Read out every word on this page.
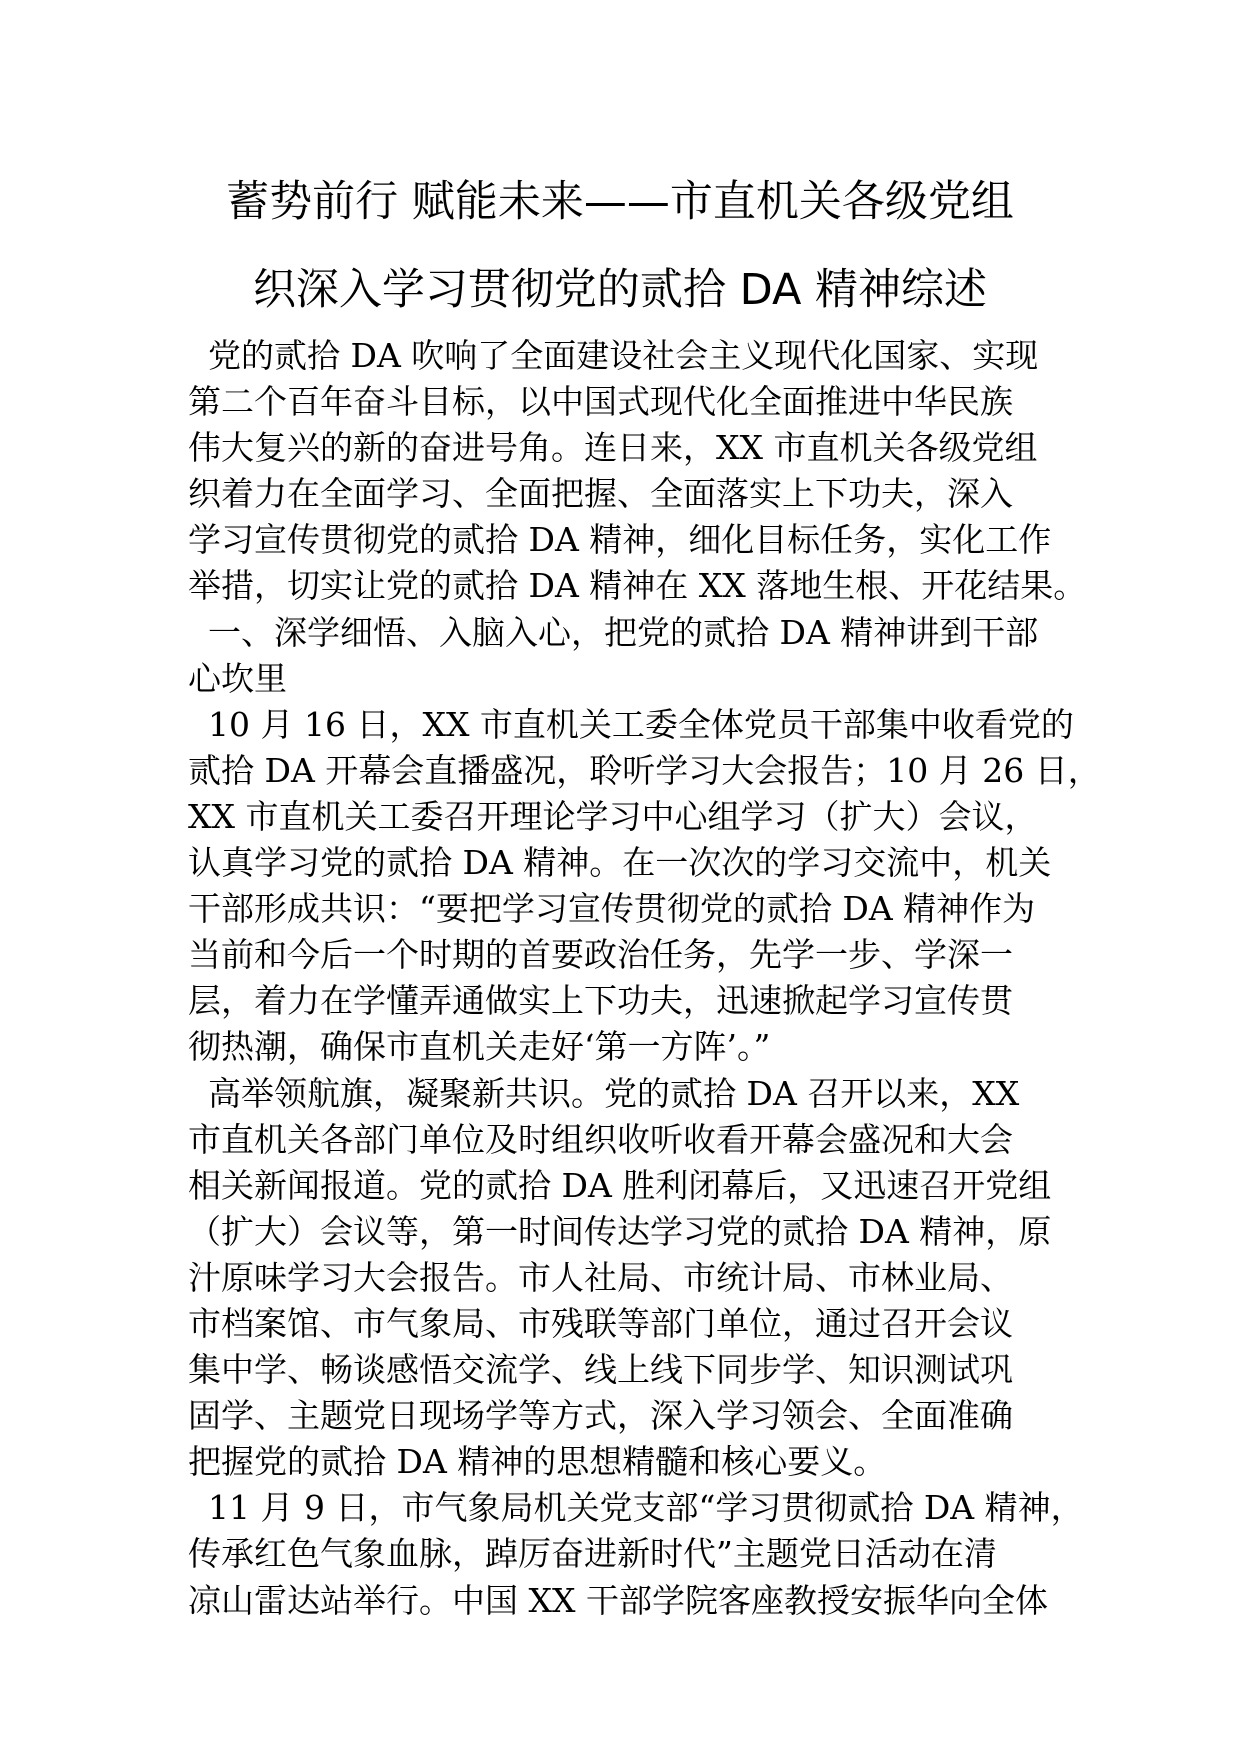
蓄势前行 赋能未来——市直机关各级党组
织深入学习贯彻党的贰拾 DA 精神综述

党的贰拾 DA 吹响了全面建设社会主义现代化国家、实现

第二个百年奋斗目标，以中国式现代化全面推进中华民族

伟大复兴的新的奋进号角。连日来，XX 市直机关各级党组

织着力在全面学习、全面把握、全面落实上下功夫，深入

学习宣传贯彻党的贰拾 DA 精神，细化目标任务，实化工作

举措，切实让党的贰拾 DA 精神在 XX 落地生根、开花结果。

一、深学细悟、入脑入心，把党的贰拾 DA 精神讲到干部

心坎里

10 月 16 日，XX 市直机关工委全体党员干部集中收看党的

贰拾 DA 开幕会直播盛况，聆听学习大会报告；10 月 26 日，

XX 市直机关工委召开理论学习中心组学习（扩大）会议，

认真学习党的贰拾 DA 精神。在一次次的学习交流中，机关

干部形成共识：“要把学习宣传贯彻党的贰拾 DA 精神作为

当前和今后一个时期的首要政治任务，先学一步、学深一

层，着力在学懂弄通做实上下功夫，迅速掀起学习宣传贯

彻热潮，确保市直机关走好‘第一方阵’。”

高举领航旗，凝聚新共识。党的贰拾 DA 召开以来，XX

市直机关各部门单位及时组织收听收看开幕会盛况和大会

相关新闻报道。党的贰拾 DA 胜利闭幕后，又迅速召开党组

（扩大）会议等，第一时间传达学习党的贰拾 DA 精神，原

汁原味学习大会报告。市人社局、市统计局、市林业局、

市档案馆、市气象局、市残联等部门单位，通过召开会议

集中学、畅谈感悟交流学、线上线下同步学、知识测试巩

固学、主题党日现场学等方式，深入学习领会、全面准确

把握党的贰拾 DA 精神的思想精髓和核心要义。

11 月 9 日，市气象局机关党支部“学习贯彻贰拾 DA 精神，

传承红色气象血脉，踔厉奋进新时代”主题党日活动在清

凉山雷达站举行。中国 XX 干部学院客座教授安振华向全体
